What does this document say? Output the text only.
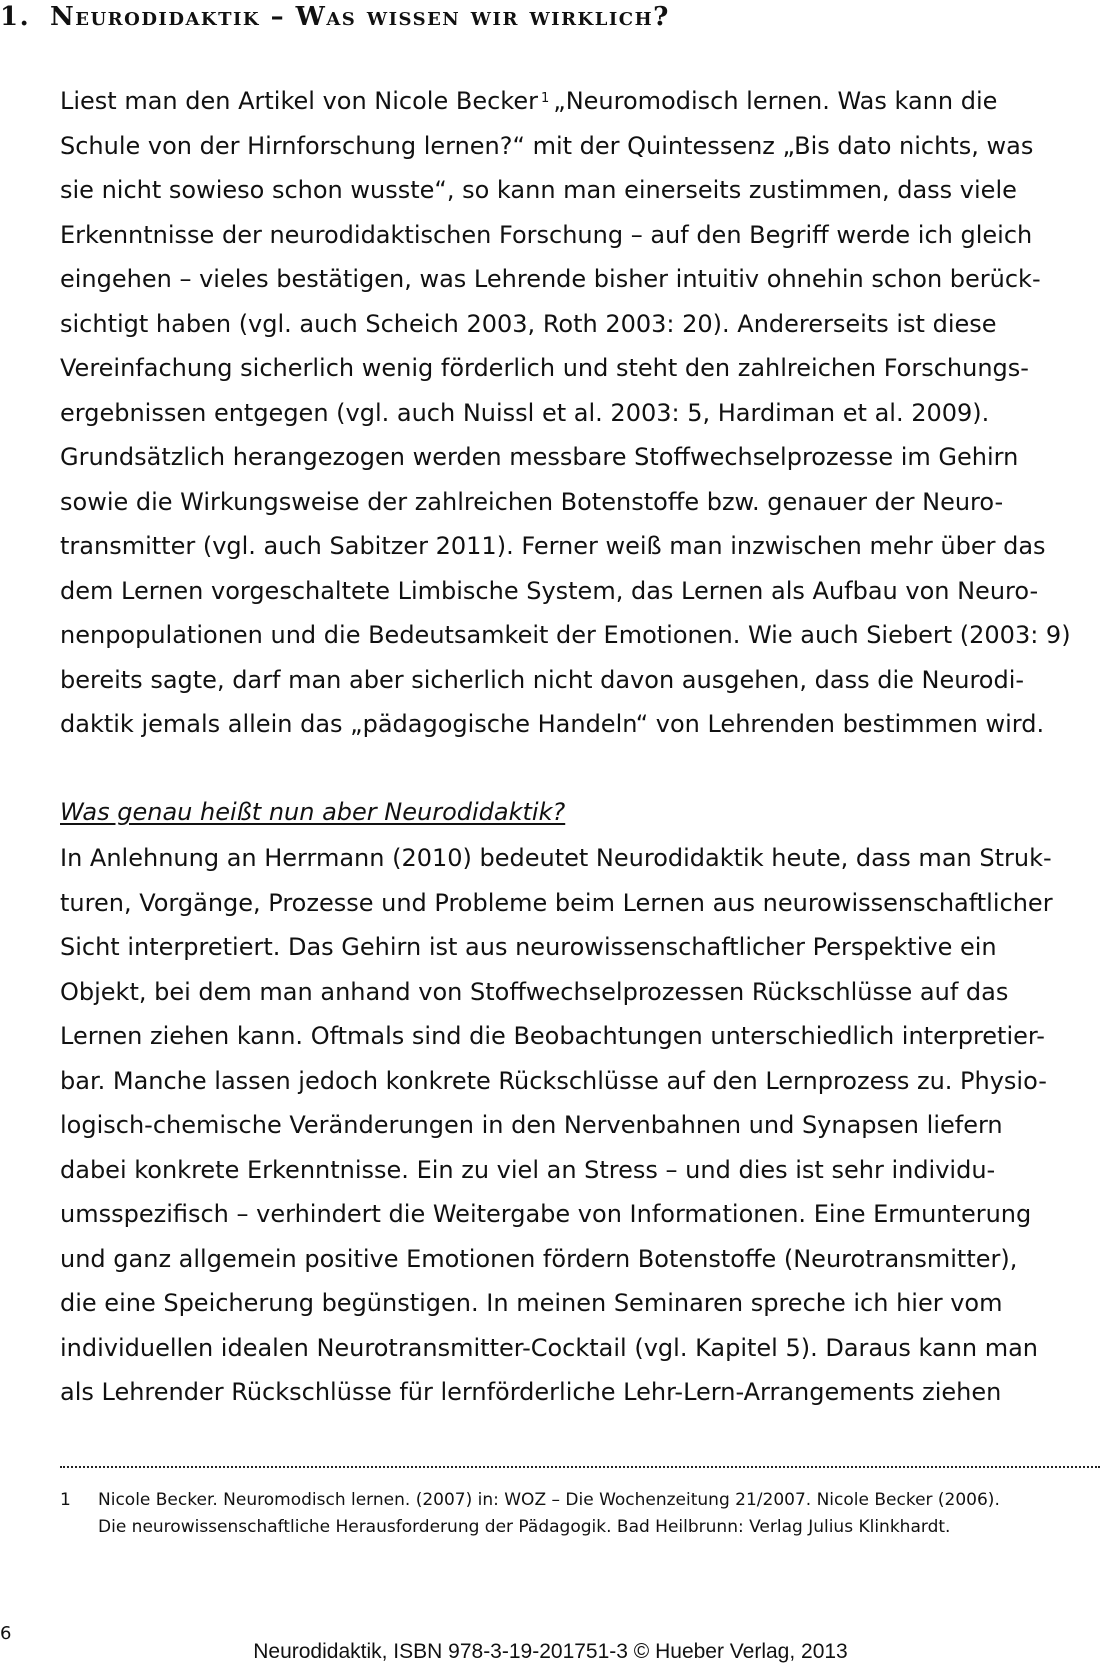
1. Neurodidaktik – Was wissen wir wirklich?
Liest man den Artikel von Nicole Becker $^1$ „Neuromodisch lernen. Was kann die
Schule von der Hirnforschung lernen?“ mit der Quintessenz „Bis dato nichts, was
sie nicht sowieso schon wusste“, so kann man einerseits zustimmen, dass viele
Erkenntnisse der neurodidaktischen Forschung – auf den Begriff werde ich gleich
eingehen – vieles bestätigen, was Lehrende bisher intuitiv ohnehin schon berück-
sichtigt haben (vgl. auch Scheich 2003, Roth 2003: 20). Andererseits ist diese
Vereinfachung sicherlich wenig förderlich und steht den zahlreichen Forschungs-
ergebnissen entgegen (vgl. auch Nuissl et al. 2003: 5, Hardiman et al. 2009).
Grundsätzlich herangezogen werden messbare Stoffwechselprozesse im Gehirn
sowie die Wirkungsweise der zahlreichen Botenstoffe bzw. genauer der Neuro-
transmitter (vgl. auch Sabitzer 2011). Ferner weiß man inzwischen mehr über das
dem Lernen vorgeschaltete Limbische System, das Lernen als Aufbau von Neuro-
nenpopulationen und die Bedeutsamkeit der Emotionen. Wie auch Siebert (2003: 9)
bereits sagte, darf man aber sicherlich nicht davon ausgehen, dass die Neurodi-
daktik jemals allein das „pädagogische Handeln“ von Lehrenden bestimmen wird.
Was genau heißt nun aber Neurodidaktik?
In Anlehnung an Herrmann (2010) bedeutet Neurodidaktik heute, dass man Struk-
turen, Vorgänge, Prozesse und Probleme beim Lernen aus neurowissenschaftlicher
Sicht interpretiert. Das Gehirn ist aus neurowissenschaftlicher Perspektive ein
Objekt, bei dem man anhand von Stoffwechselprozessen Rückschlüsse auf das
Lernen ziehen kann. Oftmals sind die Beobachtungen unterschiedlich interpretier-
bar. Manche lassen jedoch konkrete Rückschlüsse auf den Lernprozess zu. Physio-
logisch-chemische Veränderungen in den Nervenbahnen und Synapsen liefern
dabei konkrete Erkenntnisse. Ein zu viel an Stress – und dies ist sehr individu-
umsspezifisch – verhindert die Weitergabe von Informationen. Eine Ermunterung
und ganz allgemein positive Emotionen fördern Botenstoffe (Neurotransmitter),
die eine Speicherung begünstigen. In meinen Seminaren spreche ich hier vom
individuellen idealen Neurotransmitter-Cocktail (vgl. Kapitel 5). Daraus kann man
als Lehrender Rückschlüsse für lernförderliche Lehr-Lern-Arrangements ziehen
1	Nicole Becker. Neuromodisch lernen. (2007) in: WOZ – Die Wochenzeitung 21/2007. Nicole Becker (2006).
Die neurowissenschaftliche Herausforderung der Pädagogik. Bad Heilbrunn: Verlag Julius Klinkhardt.
6
Neurodidaktik, ISBN 978-3-19-201751-3 © Hueber Verlag, 2013
